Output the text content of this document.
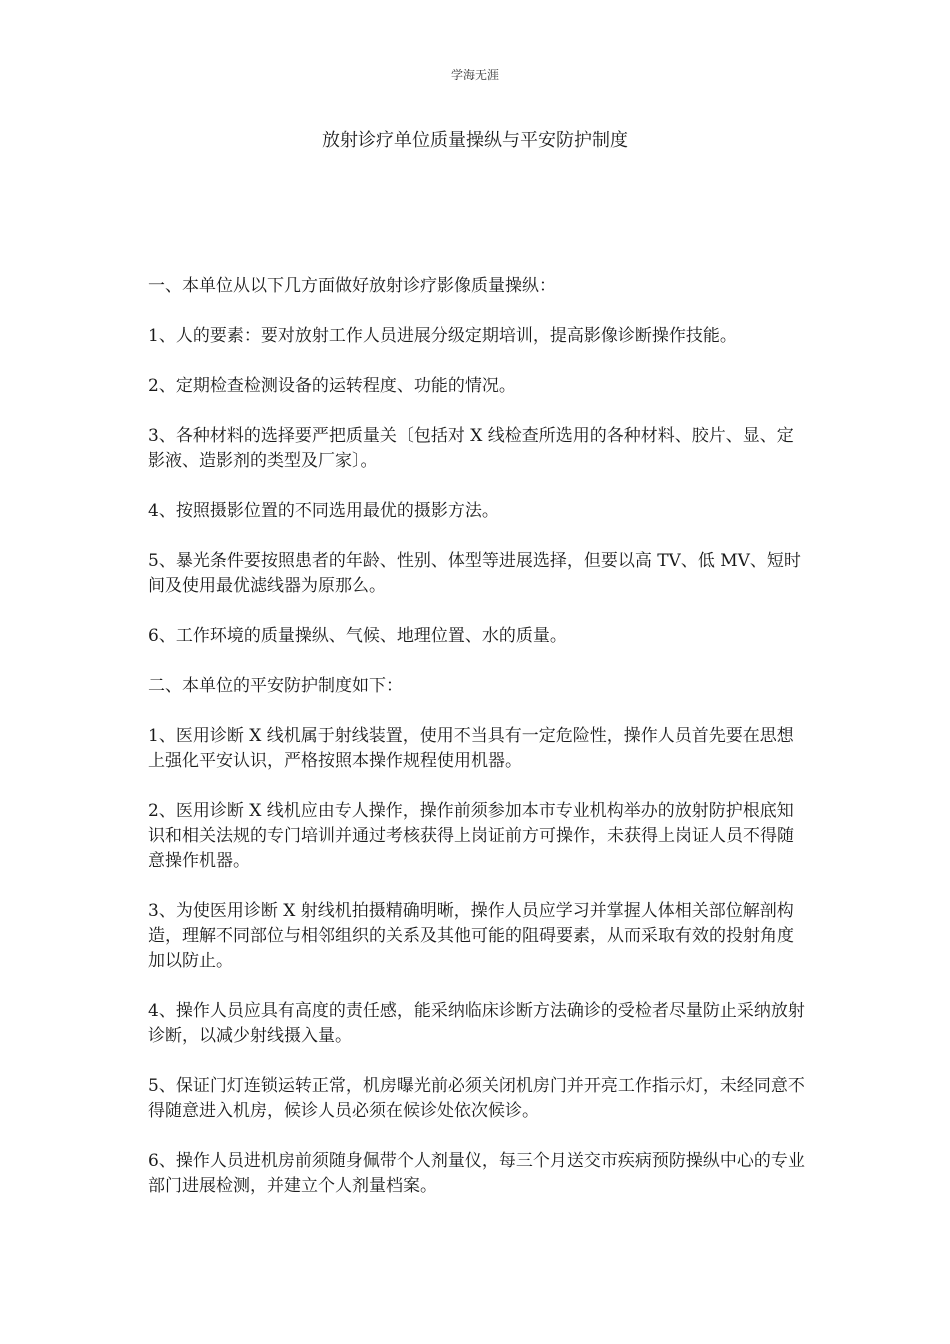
学海无涯
放射诊疗单位质量操纵与平安防护制度

一、本单位从以下几方面做好放射诊疗影像质量操纵：

1、人的要素：要对放射工作人员进展分级定期培训，提高影像诊断操作技能。

2、定期检查检测设备的运转程度、功能的情况。

3、各种材料的选择要严把质量关〔包括对 X 线检查所选用的各种材料、胶片、显、定影液、造影剂的类型及厂家〕。

4、按照摄影位置的不同选用最优的摄影方法。

5、暴光条件要按照患者的年龄、性别、体型等进展选择，但要以高 TV、低 MV、短时间及使用最优滤线器为原那么。

6、工作环境的质量操纵、气候、地理位置、水的质量。

二、本单位的平安防护制度如下：

1、医用诊断 X 线机属于射线装置，使用不当具有一定危险性，操作人员首先要在思想上强化平安认识，严格按照本操作规程使用机器。

2、医用诊断 X 线机应由专人操作，操作前须参加本市专业机构举办的放射防护根底知识和相关法规的专门培训并通过考核获得上岗证前方可操作，未获得上岗证人员不得随意操作机器。

3、为使医用诊断 X 射线机拍摄精确明晰，操作人员应学习并掌握人体相关部位解剖构造，理解不同部位与相邻组织的关系及其他可能的阻碍要素，从而采取有效的投射角度加以防止。

4、操作人员应具有高度的责任感，能采纳临床诊断方法确诊的受检者尽量防止采纳放射诊断，以减少射线摄入量。

5、保证门灯连锁运转正常，机房曝光前必须关闭机房门并开亮工作指示灯，未经同意不得随意进入机房，候诊人员必须在候诊处依次候诊。

6、操作人员进机房前须随身佩带个人剂量仪，每三个月送交市疾病预防操纵中心的专业部门进展检测，并建立个人剂量档案。
